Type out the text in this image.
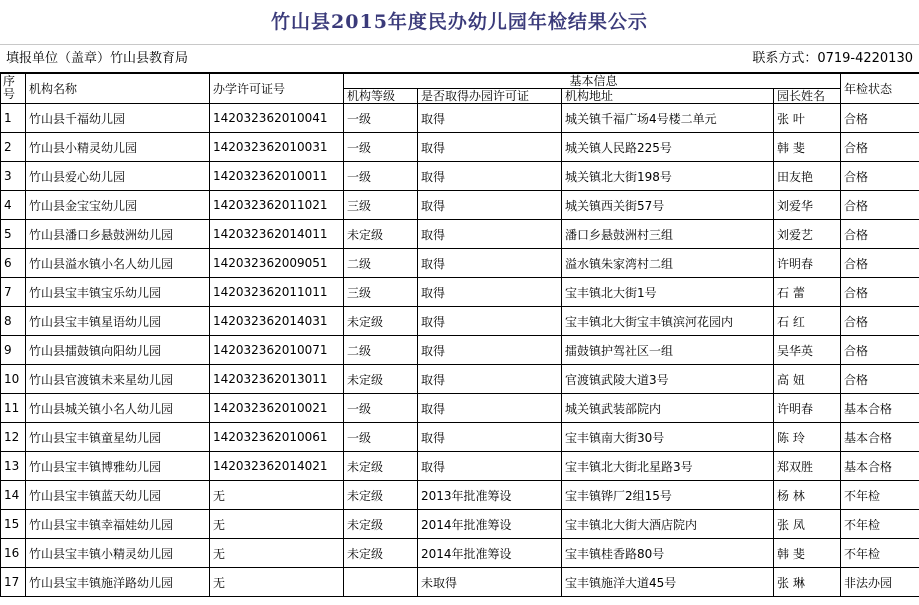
竹山县2015年度民办幼儿园年检结果公示
填报单位（盖章）竹山县教育局	联系方式：0719-4220130
序号	机构名称	办学许可证号	基本信息				年检状态
			机构等级	是否取得办园许可证	机构地址	园长姓名	
1	竹山县千福幼儿园	142032362010041	一级	取得	城关镇千福广场4号楼二单元	张 叶	合格
2	竹山县小精灵幼儿园	142032362010031	一级	取得	城关镇人民路225号	韩 斐	合格
3	竹山县爱心幼儿园	142032362010011	一级	取得	城关镇北大街198号	田友艳	合格
4	竹山县金宝宝幼儿园	142032362011021	三级	取得	城关镇西关街57号	刘爱华	合格
5	竹山县潘口乡悬鼓洲幼儿园	142032362014011	未定级	取得	潘口乡悬鼓洲村三组	刘爱艺	合格
6	竹山县溢水镇小名人幼儿园	142032362009051	二级	取得	溢水镇朱家湾村二组	许明春	合格
7	竹山县宝丰镇宝乐幼儿园	142032362011011	三级	取得	宝丰镇北大街1号	石 蕾	合格
8	竹山县宝丰镇星语幼儿园	142032362014031	未定级	取得	宝丰镇北大街宝丰镇滨河花园内	石 红	合格
9	竹山县擂鼓镇向阳幼儿园	142032362010071	二级	取得	擂鼓镇护驾社区一组	吴华英	合格
10	竹山县官渡镇未来星幼儿园	142032362013011	未定级	取得	官渡镇武陵大道3号	高 妞	合格
11	竹山县城关镇小名人幼儿园	142032362010021	一级	取得	城关镇武装部院内	许明春	基本合格
12	竹山县宝丰镇童星幼儿园	142032362010061	一级	取得	宝丰镇南大街30号	陈 玲	基本合格
13	竹山县宝丰镇博雅幼儿园	142032362014021	未定级	取得	宝丰镇北大街北星路3号	郑双胜	基本合格
14	竹山县宝丰镇蓝天幼儿园	无	未定级	2013年批准筹设	宝丰镇铧厂2组15号	杨 林	不年检
15	竹山县宝丰镇幸福娃幼儿园	无	未定级	2014年批准筹设	宝丰镇北大街大酒店院内	张 凤	不年检
16	竹山县宝丰镇小精灵幼儿园	无	未定级	2014年批准筹设	宝丰镇桂香路80号	韩 斐	不年检
17	竹山县宝丰镇施洋路幼儿园	无		未取得	宝丰镇施洋大道45号	张 琳	非法办园
